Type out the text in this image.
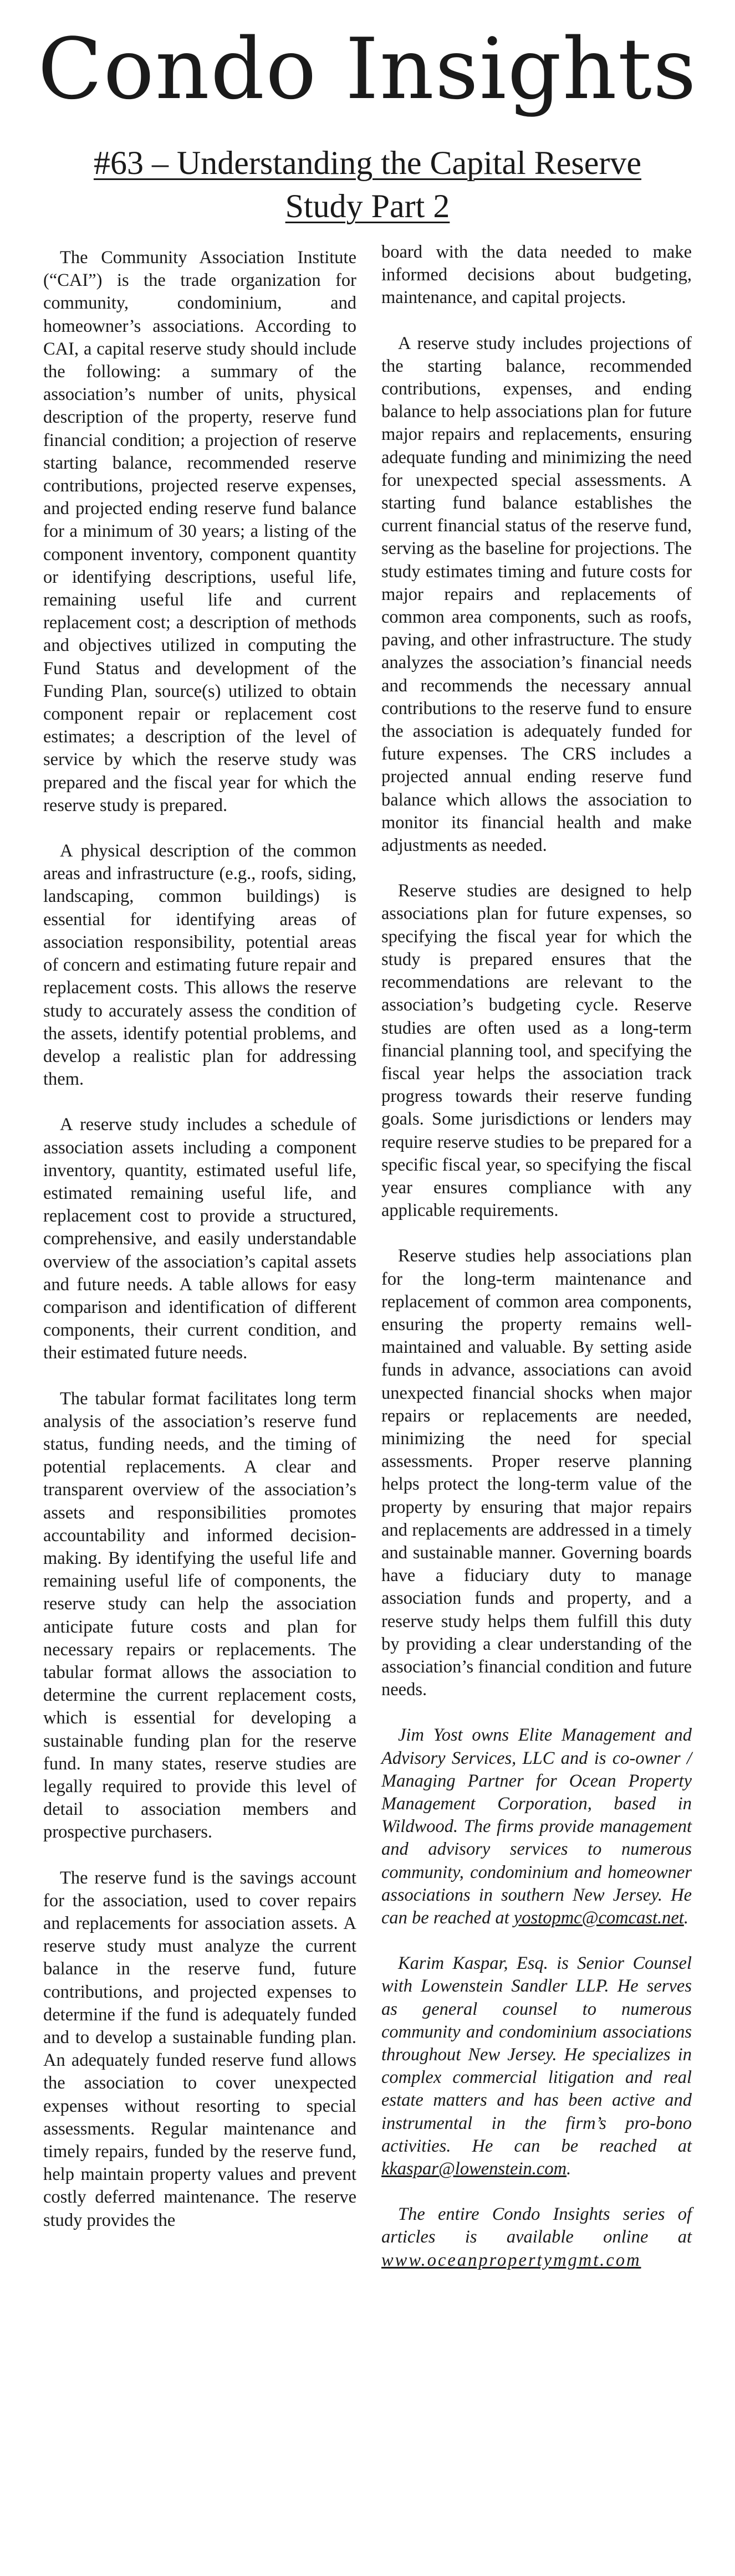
Condo Insights
#63 – Understanding the Capital Reserve Study Part 2

The Community Association Institute (“CAI”) is the trade organization for community, condominium, and homeowner’s associations. According to CAI, a capital reserve study should include the following: a summary of the association’s number of units, physical description of the property, reserve fund financial condition; a projection of reserve starting balance, recommended reserve contributions, projected reserve expenses, and projected ending reserve fund balance for a minimum of 30 years; a listing of the component inventory, component quantity or identifying descriptions, useful life, remaining useful life and current replacement cost; a description of methods and objectives utilized in computing the Fund Status and development of the Funding Plan, source(s) utilized to obtain component repair or replacement cost estimates; a description of the level of service by which the reserve study was prepared and the fiscal year for which the reserve study is prepared.

A physical description of the common areas and infrastructure (e.g., roofs, siding, landscaping, common buildings) is essential for identifying areas of association responsibility, potential areas of concern and estimating future repair and replacement costs. This allows the reserve study to accurately assess the condition of the assets, identify potential problems, and develop a realistic plan for addressing them.

A reserve study includes a schedule of association assets including a component inventory, quantity, estimated useful life, estimated remaining useful life, and replacement cost to provide a structured, comprehensive, and easily understandable overview of the association’s capital assets and future needs. A table allows for easy comparison and identification of different components, their current condition, and their estimated future needs.

The tabular format facilitates long term analysis of the association’s reserve fund status, funding needs, and the timing of potential replacements. A clear and transparent overview of the association’s assets and responsibilities promotes accountability and informed decision-making. By identifying the useful life and remaining useful life of components, the reserve study can help the association anticipate future costs and plan for necessary repairs or replacements. The tabular format allows the association to determine the current replacement costs, which is essential for developing a sustainable funding plan for the reserve fund. In many states, reserve studies are legally required to provide this level of detail to association members and prospective purchasers.

The reserve fund is the savings account for the association, used to cover repairs and replacements for association assets. A reserve study must analyze the current balance in the reserve fund, future contributions, and projected expenses to determine if the fund is adequately funded and to develop a sustainable funding plan. An adequately funded reserve fund allows the association to cover unexpected expenses without resorting to special assessments. Regular maintenance and timely repairs, funded by the reserve fund, help maintain property values and prevent costly deferred maintenance. The reserve study provides the

board with the data needed to make informed decisions about budgeting, maintenance, and capital projects.

A reserve study includes projections of the starting balance, recommended contributions, expenses, and ending balance to help associations plan for future major repairs and replacements, ensuring adequate funding and minimizing the need for unexpected special assessments. A starting fund balance establishes the current financial status of the reserve fund, serving as the baseline for projections. The study estimates timing and future costs for major repairs and replacements of common area components, such as roofs, paving, and other infrastructure. The study analyzes the association’s financial needs and recommends the necessary annual contributions to the reserve fund to ensure the association is adequately funded for future expenses. The CRS includes a projected annual ending reserve fund balance which allows the association to monitor its financial health and make adjustments as needed.

Reserve studies are designed to help associations plan for future expenses, so specifying the fiscal year for which the study is prepared ensures that the recommendations are relevant to the association’s budgeting cycle. Reserve studies are often used as a long-term financial planning tool, and specifying the fiscal year helps the association track progress towards their reserve funding goals. Some jurisdictions or lenders may require reserve studies to be prepared for a specific fiscal year, so specifying the fiscal year ensures compliance with any applicable requirements.

Reserve studies help associations plan for the long-term maintenance and replacement of common area components, ensuring the property remains well-maintained and valuable. By setting aside funds in advance, associations can avoid unexpected financial shocks when major repairs or replacements are needed, minimizing the need for special assessments. Proper reserve planning helps protect the long-term value of the property by ensuring that major repairs and replacements are addressed in a timely and sustainable manner. Governing boards have a fiduciary duty to manage association funds and property, and a reserve study helps them fulfill this duty by providing a clear understanding of the association’s financial condition and future needs.

Jim Yost owns Elite Management and Advisory Services, LLC and is co-owner / Managing Partner for Ocean Property Management Corporation, based in Wildwood. The firms provide management and advisory services to numerous community, condominium and homeowner associations in southern New Jersey. He can be reached at yostopmc@comcast.net.

Karim Kaspar, Esq. is Senior Counsel with Lowenstein Sandler LLP. He serves as general counsel to numerous community and condominium associations throughout New Jersey. He specializes in complex commercial litigation and real estate matters and has been active and instrumental in the firm’s pro-bono activities. He can be reached at kkaspar@lowenstein.com.

The entire Condo Insights series of articles is available online at www.oceanpropertymgmt.com
